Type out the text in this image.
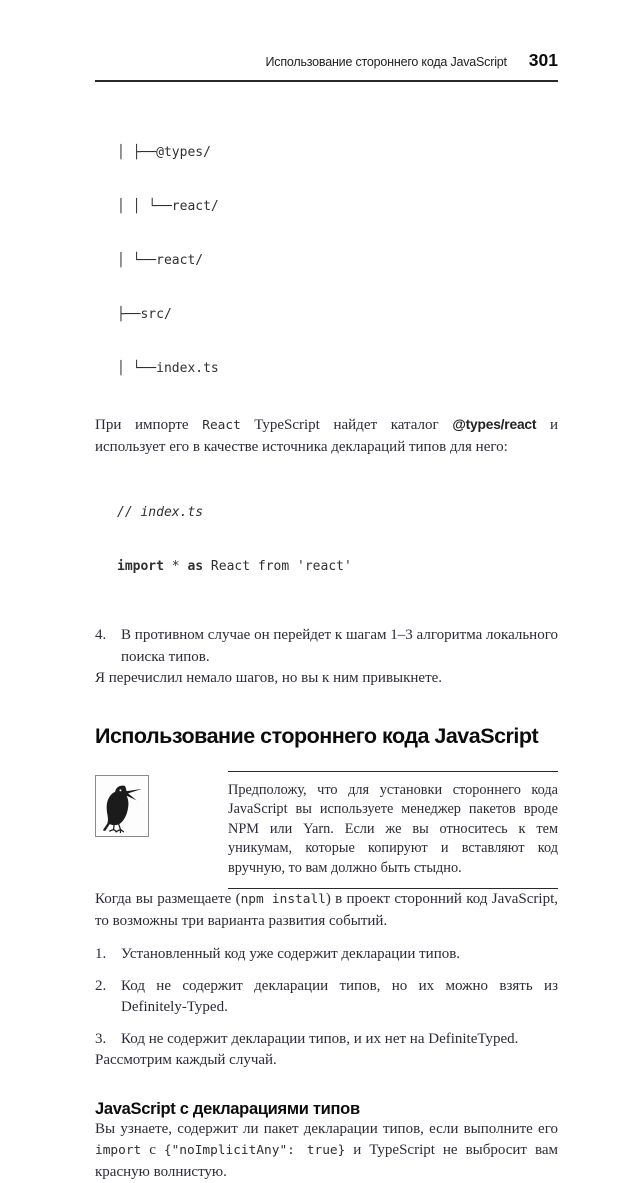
Использование стороннего кода JavaScript 301

│ ├──@types/

│ │ └──react/

│ └──react/

├──src/

│ └──index.ts

При импорте React TypeScript найдет каталог @types/react и использует его в качестве источника деклараций типов для него:

// index.ts

import * as React from 'react'

4. В противном случае он перейдет к шагам 1–3 алгоритма локального поиска типов.

Я перечислил немало шагов, но вы к ним привыкнете.

Использование стороннего кода JavaScript

Предположу, что для установки стороннего кода JavaScript вы используете менеджер пакетов вроде NPM или Yarn. Если же вы относитесь к тем уникумам, которые копируют и вставляют код вручную, то вам должно быть стыдно.

Когда вы размещаете (npm install) в проект сторонний код JavaScript, то возможны три варианта развития событий.

1. Установленный код уже содержит декларации типов.
2. Код не содержит декларации типов, но их можно взять из Definitely-Typed.
3. Код не содержит декларации типов, и их нет на DefiniteTyped.

Рассмотрим каждый случай.

JavaScript с декларациями типов

Вы узнаете, содержит ли пакет декларации типов, если выполните его import с {"noImplicitAny": true} и TypeScript не выбросит вам красную волнистую.
